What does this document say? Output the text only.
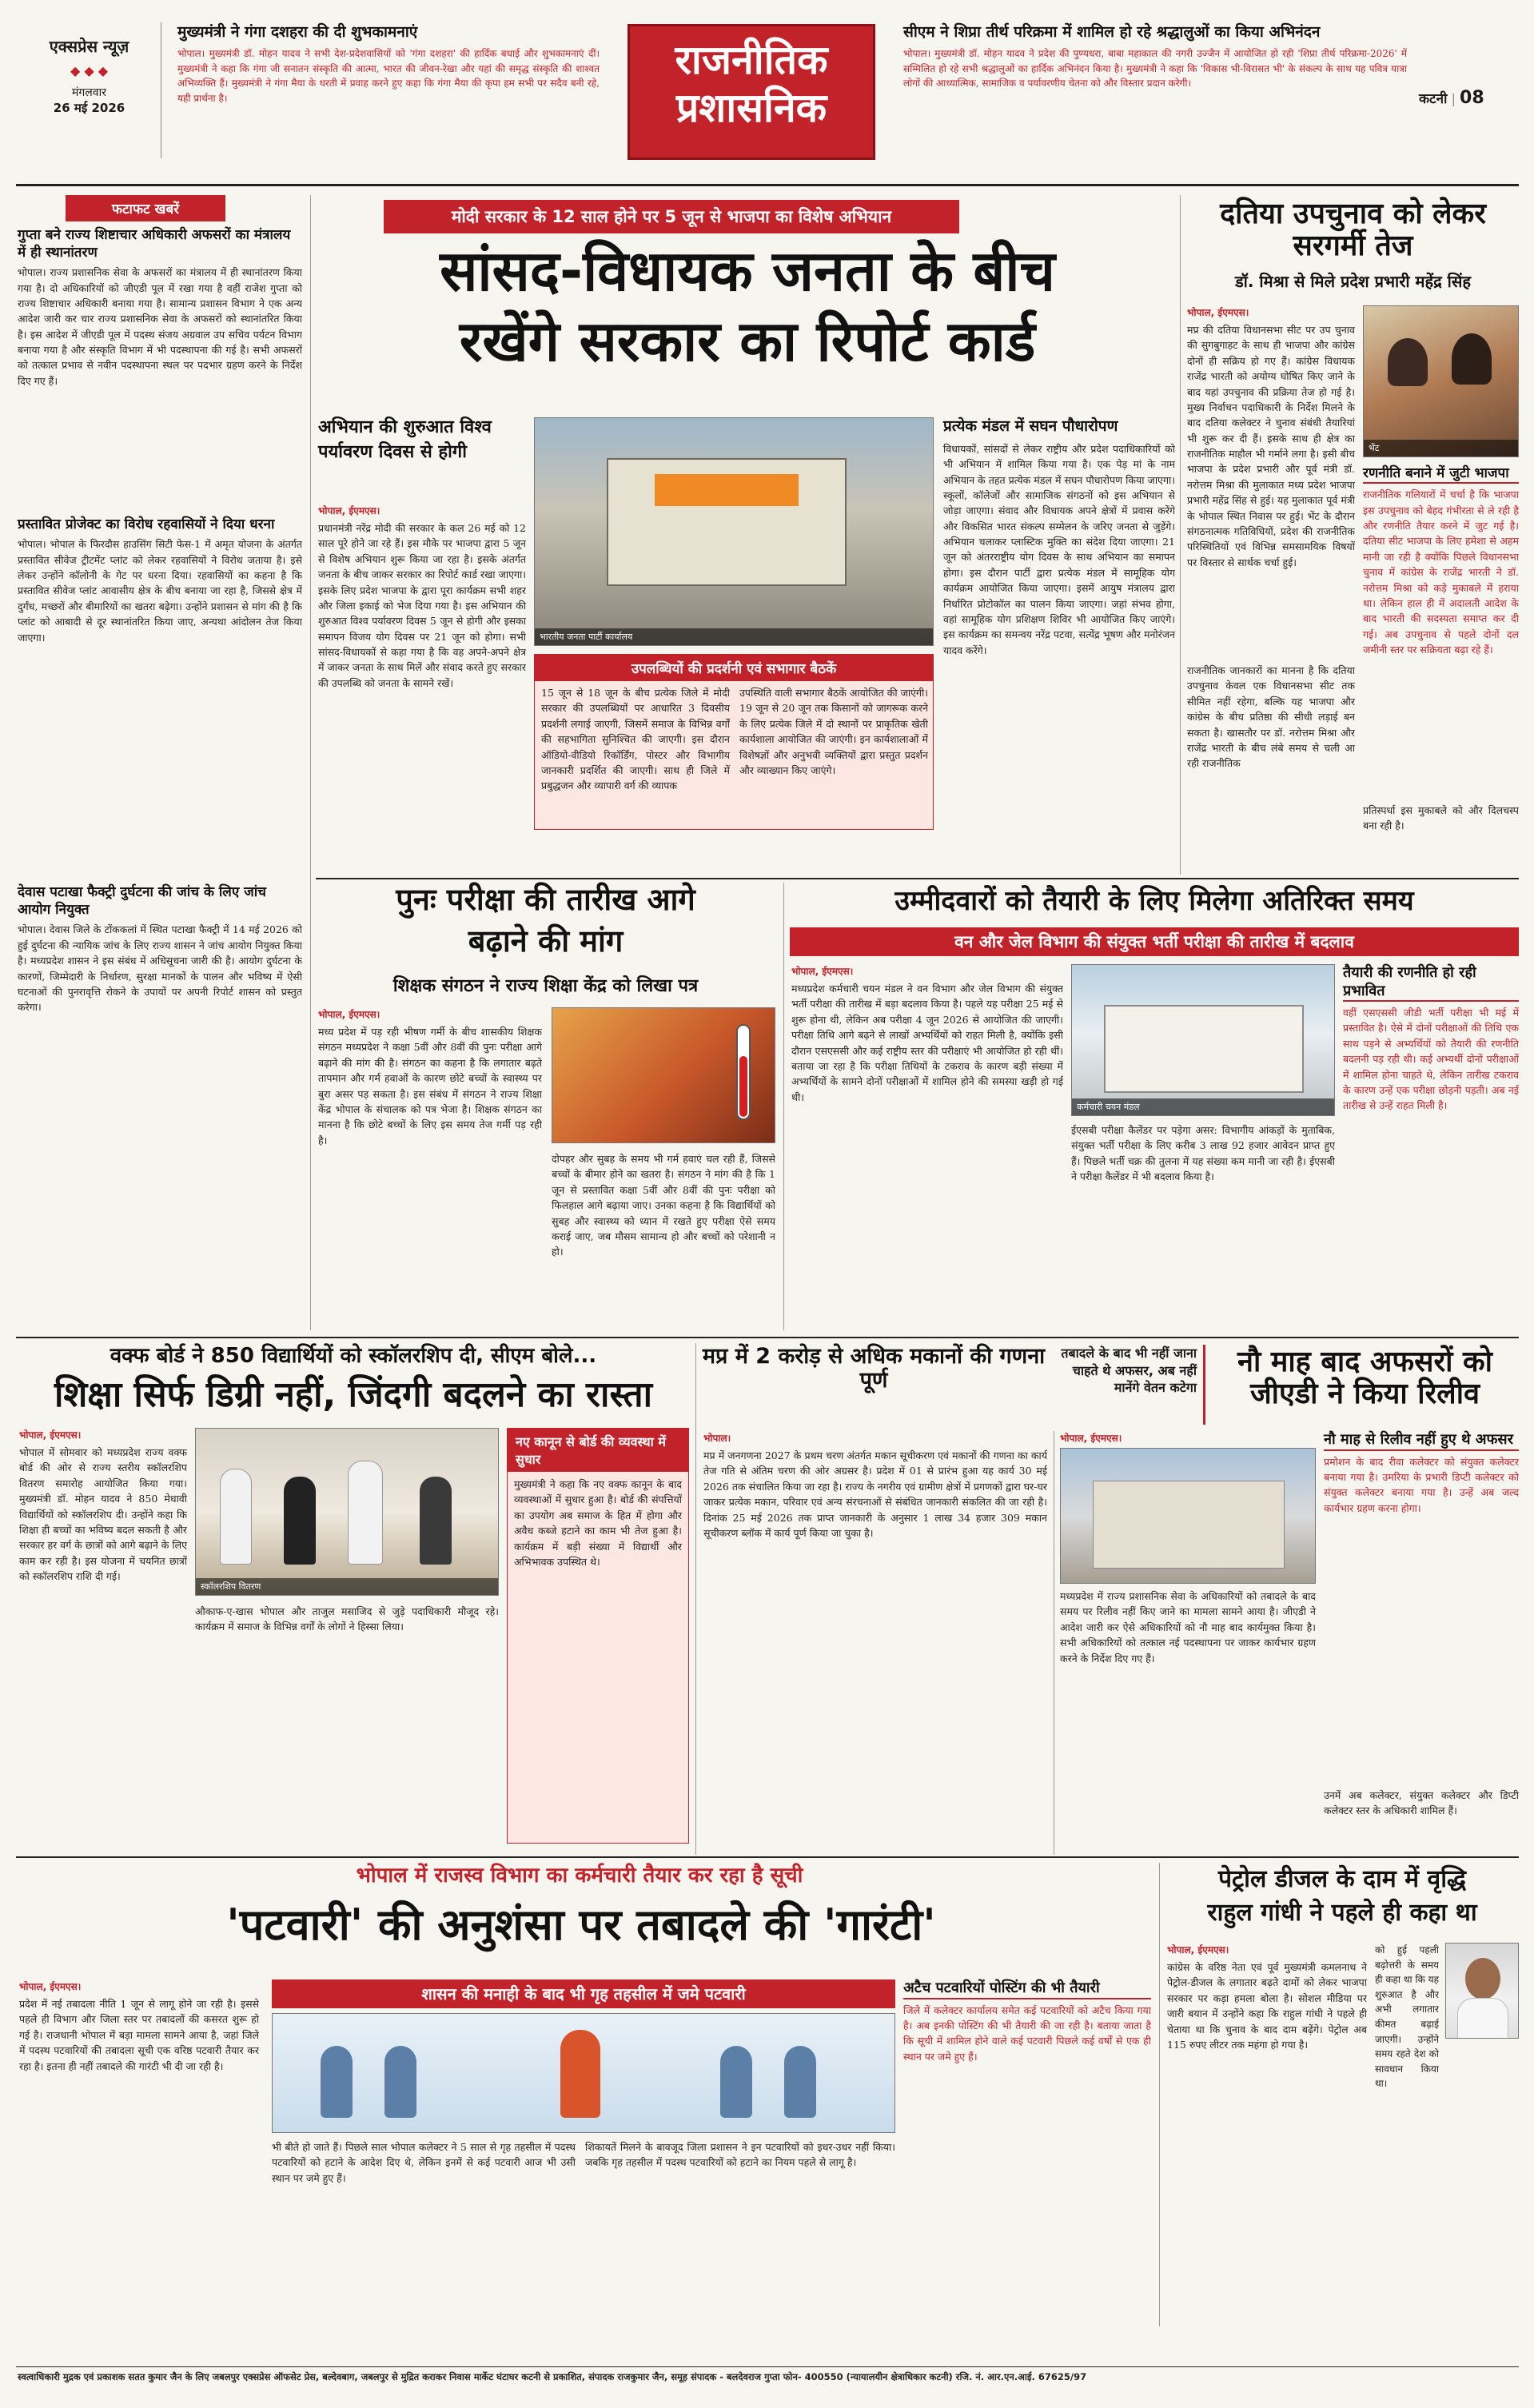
एक्सप्रेस न्यूज़
◆ ◆ ◆
मंगलवार
26 मई 2026
मुख्यमंत्री ने गंगा दशहरा की दी शुभकामनाएं
भोपाल। मुख्यमंत्री डॉ. मोहन यादव ने सभी देश-प्रदेशवासियों को 'गंगा दशहरा' की हार्दिक बधाई और शुभकामनाएं दीं। मुख्यमंत्री ने कहा कि गंगा जी सनातन संस्कृति की आत्मा, भारत की जीवन-रेखा और यहां की समृद्ध संस्कृति की शाश्वत अभिव्यक्ति हैं। मुख्यमंत्री ने गंगा मैया के धरती में प्रवाह करने हुए कहा कि गंगा मैया की कृपा हम सभी पर सदैव बनी रहे, यही प्रार्थना है।
राजनीतिक
प्रशासनिक
सीएम ने शिप्रा तीर्थ परिक्रमा में शामिल हो रहे श्रद्धालुओं का किया अभिनंदन
भोपाल। मुख्यमंत्री डॉ. मोहन यादव ने प्रदेश की पुण्यधरा, बाबा महाकाल की नगरी उज्जैन में आयोजित हो रही 'शिप्रा तीर्थ परिक्रमा-2026' में सम्मिलित हो रहे सभी श्रद्धालुओं का हार्दिक अभिनंदन किया है। मुख्यमंत्री ने कहा कि 'विकास भी-विरासत भी' के संकल्प के साथ यह पवित्र यात्रा लोगों की आध्यात्मिक, सामाजिक व पर्यावरणीय चेतना को और विस्तार प्रदान करेगी।
कटनी | 08
फटाफट खबरें
गुप्ता बने राज्य शिष्टाचार अधिकारी अफसरों का मंत्रालय में ही स्थानांतरण
भोपाल। राज्य प्रशासनिक सेवा के अफसरों का मंत्रालय में ही स्थानांतरण किया गया है। दो अधिकारियों को जीएडी पूल में रखा गया है वहीं राजेश गुप्ता को राज्य शिष्टाचार अधिकारी बनाया गया है। सामान्य प्रशासन विभाग ने एक अन्य आदेश जारी कर चार राज्य प्रशासनिक सेवा के अफसरों को स्थानांतरित किया है। इस आदेश में जीएडी पूल में पदस्थ संजय अग्रवाल उप सचिव पर्यटन विभाग बनाया गया है और संस्कृति विभाग में भी पदस्थापना की गई है। सभी अफसरों को तत्काल प्रभाव से नवीन पदस्थापना स्थल पर पदभार ग्रहण करने के निर्देश दिए गए हैं।
प्रस्तावित प्रोजेक्ट का विरोध रहवासियों ने दिया धरना
भोपाल। भोपाल के फिरदौस हाउसिंग सिटी फेस-1 में अमृत योजना के अंतर्गत प्रस्तावित सीवेज ट्रीटमेंट प्लांट को लेकर रहवासियों ने विरोध जताया है। इसे लेकर उन्होंने कॉलोनी के गेट पर धरना दिया। रहवासियों का कहना है कि प्रस्तावित सीवेज प्लांट आवासीय क्षेत्र के बीच बनाया जा रहा है, जिससे क्षेत्र में दुर्गंध, मच्छरों और बीमारियों का खतरा बढ़ेगा। उन्होंने प्रशासन से मांग की है कि प्लांट को आबादी से दूर स्थानांतरित किया जाए, अन्यथा आंदोलन तेज किया जाएगा।
देवास पटाखा फैक्ट्री दुर्घटना की जांच के लिए जांच आयोग नियुक्त
भोपाल। देवास जिले के टोंककलां में स्थित पटाखा फैक्ट्री में 14 मई 2026 को हुई दुर्घटना की न्यायिक जांच के लिए राज्य शासन ने जांच आयोग नियुक्त किया है। मध्यप्रदेश शासन ने इस संबंध में अधिसूचना जारी की है। आयोग दुर्घटना के कारणों, जिम्मेदारी के निर्धारण, सुरक्षा मानकों के पालन और भविष्य में ऐसी घटनाओं की पुनरावृत्ति रोकने के उपायों पर अपनी रिपोर्ट शासन को प्रस्तुत करेगा।
मोदी सरकार के 12 साल होने पर 5 जून से भाजपा का विशेष अभियान
सांसद-विधायक जनता के बीच
रखेंगे सरकार का रिपोर्ट कार्ड
अभियान की शुरुआत विश्व पर्यावरण दिवस से होगी
भोपाल, ईएमएस।
प्रधानमंत्री नरेंद्र मोदी की सरकार के कल 26 मई को 12 साल पूरे होने जा रहे हैं। इस मौके पर भाजपा द्वारा 5 जून से विशेष अभियान शुरू किया जा रहा है। इसके अंतर्गत जनता के बीच जाकर सरकार का रिपोर्ट कार्ड रखा जाएगा। इसके लिए प्रदेश भाजपा के द्वारा पूरा कार्यक्रम सभी शहर और जिला इकाई को भेज दिया गया है। इस अभियान की शुरुआत विश्व पर्यावरण दिवस 5 जून से होगी और इसका समापन विजय योग दिवस पर 21 जून को होगा। सभी सांसद-विधायकों से कहा गया है कि वह अपने-अपने क्षेत्र में जाकर जनता के साथ मिलें और संवाद करते हुए सरकार की उपलब्धि को जनता के सामने रखें।
भारतीय जनता पार्टी कार्यालय
उपलब्धियों की प्रदर्शनी एवं सभागार बैठकें
15 जून से 18 जून के बीच प्रत्येक जिले में मोदी सरकार की उपलब्धियों पर आधारित 3 दिवसीय प्रदर्शनी लगाई जाएगी, जिसमें समाज के विभिन्न वर्गों की सहभागिता सुनिश्चित की जाएगी। इस दौरान ऑडियो-वीडियो रिकॉर्डिंग, पोस्टर और विभागीय जानकारी प्रदर्शित की जाएगी। साथ ही जिले में प्रबुद्धजन और व्यापारी वर्ग की व्यापक
उपस्थिति वाली सभागार बैठकें आयोजित की जाएंगी। 19 जून से 20 जून तक किसानों को जागरूक करने के लिए प्रत्येक जिले में दो स्थानों पर प्राकृतिक खेती कार्यशाला आयोजित की जाएंगी। इन कार्यशालाओं में विशेषज्ञों और अनुभवी व्यक्तियों द्वारा प्रस्तुत प्रदर्शन और व्याख्यान किए जाएंगे।
प्रत्येक मंडल में सघन पौधारोपण
विधायकों, सांसदों से लेकर राष्ट्रीय और प्रदेश पदाधिकारियों को भी अभियान में शामिल किया गया है। एक पेड़ मां के नाम अभियान के तहत प्रत्येक मंडल में सघन पौधारोपण किया जाएगा। स्कूलों, कॉलेजों और सामाजिक संगठनों को इस अभियान से जोड़ा जाएगा। संवाद और विधायक अपने क्षेत्रों में प्रवास करेंगे और विकसित भारत संकल्प सम्मेलन के जरिए जनता से जुड़ेंगे। अभियान चलाकर प्लास्टिक मुक्ति का संदेश दिया जाएगा। 21 जून को अंतरराष्ट्रीय योग दिवस के साथ अभियान का समापन होगा। इस दौरान पार्टी द्वारा प्रत्येक मंडल में सामूहिक योग कार्यक्रम आयोजित किया जाएगा। इसमें आयुष मंत्रालय द्वारा निर्धारित प्रोटोकॉल का पालन किया जाएगा। जहां संभव होगा, वहां सामूहिक योग प्रशिक्षण शिविर भी आयोजित किए जाएंगे। इस कार्यक्रम का समन्वय नरेंद्र पटवा, सत्येंद्र भूषण और मनोरंजन यादव करेंगे।
दतिया उपचुनाव को लेकर सरगर्मी तेज
डॉ. मिश्रा से मिले प्रदेश प्रभारी महेंद्र सिंह
भोपाल, ईएमएस।
मप्र की दतिया विधानसभा सीट पर उप चुनाव की सुगबुगाहट के साथ ही भाजपा और कांग्रेस दोनों ही सक्रिय हो गए हैं। कांग्रेस विधायक राजेंद्र भारती को अयोग्य घोषित किए जाने के बाद यहां उपचुनाव की प्रक्रिया तेज हो गई है। मुख्य निर्वाचन पदाधिकारी के निर्देश मिलने के बाद दतिया कलेक्टर ने चुनाव संबंधी तैयारियां भी शुरू कर दी हैं। इसके साथ ही क्षेत्र का राजनीतिक माहौल भी गर्माने लगा है। इसी बीच भाजपा के प्रदेश प्रभारी और पूर्व मंत्री डॉ. नरोत्तम मिश्रा की मुलाकात मध्य प्रदेश भाजपा प्रभारी महेंद्र सिंह से हुई। यह मुलाकात पूर्व मंत्री के भोपाल स्थित निवास पर हुई। भेंट के दौरान संगठनात्मक गतिविधियों, प्रदेश की राजनीतिक परिस्थितियों एवं विभिन्न समसामयिक विषयों पर विस्तार से सार्थक चर्चा हुई।
राजनीतिक जानकारों का मानना है कि दतिया उपचुनाव केवल एक विधानसभा सीट तक सीमित नहीं रहेगा, बल्कि यह भाजपा और कांग्रेस के बीच प्रतिष्ठा की सीधी लड़ाई बन सकता है। खासतौर पर डॉ. नरोत्तम मिश्रा और राजेंद्र भारती के बीच लंबे समय से चली आ रही राजनीतिक
भेंट
रणनीति बनाने में जुटी भाजपा
राजनीतिक गलियारों में चर्चा है कि भाजपा इस उपचुनाव को बेहद गंभीरता से ले रही है और रणनीति तैयार करने में जुट गई है। दतिया सीट भाजपा के लिए हमेशा से अहम मानी जा रही है क्योंकि पिछले विधानसभा चुनाव में कांग्रेस के राजेंद्र भारती ने डॉ. नरोत्तम मिश्रा को कड़े मुकाबले में हराया था। लेकिन हाल ही में अदालती आदेश के बाद भारती की सदस्यता समाप्त कर दी गई। अब उपचुनाव से पहले दोनों दल जमीनी स्तर पर सक्रियता बढ़ा रहे हैं।
प्रतिस्पर्धा इस मुकाबले को और दिलचस्प बना रही है।
पुनः परीक्षा की तारीख आगे
बढ़ाने की मांग
शिक्षक संगठन ने राज्य शिक्षा केंद्र को लिखा पत्र
भोपाल, ईएमएस।
मध्य प्रदेश में पड़ रही भीषण गर्मी के बीच शासकीय शिक्षक संगठन मध्यप्रदेश ने कक्षा 5वीं और 8वीं की पुनः परीक्षा आगे बढ़ाने की मांग की है। संगठन का कहना है कि लगातार बढ़ते तापमान और गर्म हवाओं के कारण छोटे बच्चों के स्वास्थ्य पर बुरा असर पड़ सकता है। इस संबंध में संगठन ने राज्य शिक्षा केंद्र भोपाल के संचालक को पत्र भेजा है। शिक्षक संगठन का मानना है कि छोटे बच्चों के लिए इस समय तेज गर्मी पड़ रही है।
दोपहर और सुबह के समय भी गर्म हवाएं चल रही हैं, जिससे बच्चों के बीमार होने का खतरा है। संगठन ने मांग की है कि 1 जून से प्रस्तावित कक्षा 5वीं और 8वीं की पुनः परीक्षा को फिलहाल आगे बढ़ाया जाए। उनका कहना है कि विद्यार्थियों को सुबह और स्वास्थ्य को ध्यान में रखते हुए परीक्षा ऐसे समय कराई जाए, जब मौसम सामान्य हो और बच्चों को परेशानी न हो।
उम्मीदवारों को तैयारी के लिए मिलेगा अतिरिक्त समय
वन और जेल विभाग की संयुक्त भर्ती परीक्षा की तारीख में बदलाव
भोपाल, ईएमएस।
मध्यप्रदेश कर्मचारी चयन मंडल ने वन विभाग और जेल विभाग की संयुक्त भर्ती परीक्षा की तारीख में बड़ा बदलाव किया है। पहले यह परीक्षा 25 मई से शुरू होना थी, लेकिन अब परीक्षा 4 जून 2026 से आयोजित की जाएगी। परीक्षा तिथि आगे बढ़ने से लाखों अभ्यर्थियों को राहत मिली है, क्योंकि इसी दौरान एसएससी और कई राष्ट्रीय स्तर की परीक्षाएं भी आयोजित हो रही थीं। बताया जा रहा है कि परीक्षा तिथियों के टकराव के कारण बड़ी संख्या में अभ्यर्थियों के सामने दोनों परीक्षाओं में शामिल होने की समस्या खड़ी हो गई थी।
कर्मचारी चयन मंडल
ईएसबी परीक्षा कैलेंडर पर पड़ेगा असर: विभागीय आंकड़ों के मुताबिक, संयुक्त भर्ती परीक्षा के लिए करीब 3 लाख 92 हजार आवेदन प्राप्त हुए हैं। पिछले भर्ती चक्र की तुलना में यह संख्या कम मानी जा रही है। ईएसबी ने परीक्षा कैलेंडर में भी बदलाव किया है।
तैयारी की रणनीति हो रही प्रभावित
वहीं एसएससी जीडी भर्ती परीक्षा भी मई में प्रस्तावित है। ऐसे में दोनों परीक्षाओं की तिथि एक साथ पड़ने से अभ्यर्थियों को तैयारी की रणनीति बदलनी पड़ रही थी। कई अभ्यर्थी दोनों परीक्षाओं में शामिल होना चाहते थे, लेकिन तारीख टकराव के कारण उन्हें एक परीक्षा छोड़नी पड़ती। अब नई तारीख से उन्हें राहत मिली है।
वक्फ बोर्ड ने 850 विद्यार्थियों को स्कॉलरशिप दी, सीएम बोले...
शिक्षा सिर्फ डिग्री नहीं, जिंदगी बदलने का रास्ता
भोपाल, ईएमएस।
भोपाल में सोमवार को मध्यप्रदेश राज्य वक्फ बोर्ड की ओर से राज्य स्तरीय स्कॉलरशिप वितरण समारोह आयोजित किया गया। मुख्यमंत्री डॉ. मोहन यादव ने 850 मेधावी विद्यार्थियों को स्कॉलरशिप दी। उन्होंने कहा कि शिक्षा ही बच्चों का भविष्य बदल सकती है और सरकार हर वर्ग के छात्रों को आगे बढ़ाने के लिए काम कर रही है। इस योजना में चयनित छात्रों को स्कॉलरशिप राशि दी गई।
स्कॉलरशिप वितरण
औकाफ-ए-खास भोपाल और ताजुल मसाजिद से जुड़े पदाधिकारी मौजूद रहे। कार्यक्रम में समाज के विभिन्न वर्गों के लोगों ने हिस्सा लिया।
नए कानून से बोर्ड की व्यवस्था में सुधार
मुख्यमंत्री ने कहा कि नए वक्फ कानून के बाद व्यवस्थाओं में सुधार हुआ है। बोर्ड की संपत्तियों का उपयोग अब समाज के हित में होगा और अवैध कब्जे हटाने का काम भी तेज हुआ है। कार्यक्रम में बड़ी संख्या में विद्यार्थी और अभिभावक उपस्थित थे।
मप्र में 2 करोड़ से अधिक मकानों की गणना पूर्ण
भोपाल।
मप्र में जनगणना 2027 के प्रथम चरण अंतर्गत मकान सूचीकरण एवं मकानों की गणना का कार्य तेज गति से अंतिम चरण की ओर अग्रसर है। प्रदेश में 01 से प्रारंभ हुआ यह कार्य 30 मई 2026 तक संचालित किया जा रहा है। राज्य के नगरीय एवं ग्रामीण क्षेत्रों में प्रगणकों द्वारा घर-घर जाकर प्रत्येक मकान, परिवार एवं अन्य संरचनाओं से संबंधित जानकारी संकलित की जा रही है। दिनांक 25 मई 2026 तक प्राप्त जानकारी के अनुसार 1 लाख 34 हजार 309 मकान सूचीकरण ब्लॉक में कार्य पूर्ण किया जा चुका है।
तबादले के बाद भी नहीं जाना चाहते थे अफसर, अब नहीं मानेंगे वेतन कटेगा
नौ माह बाद अफसरों को जीएडी ने किया रिलीव
भोपाल, ईएमएस।
मध्यप्रदेश में राज्य प्रशासनिक सेवा के अधिकारियों को तबादले के बाद समय पर रिलीव नहीं किए जाने का मामला सामने आया है। जीएडी ने आदेश जारी कर ऐसे अधिकारियों को नौ माह बाद कार्यमुक्त किया है। सभी अधिकारियों को तत्काल नई पदस्थापना पर जाकर कार्यभार ग्रहण करने के निर्देश दिए गए हैं।
नौ माह से रिलीव नहीं हुए थे अफसर
प्रमोशन के बाद रीवा कलेक्टर को संयुक्त कलेक्टर बनाया गया है। उमरिया के प्रभारी डिप्टी कलेक्टर को संयुक्त कलेक्टर बनाया गया है। उन्हें अब जल्द कार्यभार ग्रहण करना होगा।
उनमें अब कलेक्टर, संयुक्त कलेक्टर और डिप्टी कलेक्टर स्तर के अधिकारी शामिल हैं।
भोपाल में राजस्व विभाग का कर्मचारी तैयार कर रहा है सूची
'पटवारी' की अनुशंसा पर तबादले की 'गारंटी'
भोपाल, ईएमएस।
प्रदेश में नई तबादला नीति 1 जून से लागू होने जा रही है। इससे पहले ही विभाग और जिला स्तर पर तबादलों की कसरत शुरू हो गई है। राजधानी भोपाल में बड़ा मामला सामने आया है, जहां जिले में पदस्थ पटवारियों की तबादला सूची एक वरिष्ठ पटवारी तैयार कर रहा है। इतना ही नहीं तबादले की गारंटी भी दी जा रही है।
शासन की मनाही के बाद भी गृह तहसील में जमे पटवारी
भी बीते हो जाते हैं। पिछले साल भोपाल कलेक्टर ने 5 साल से गृह तहसील में पदस्थ पटवारियों को हटाने के आदेश दिए थे, लेकिन इनमें से कई पटवारी आज भी उसी स्थान पर जमे हुए हैं।
शिकायतें मिलने के बावजूद जिला प्रशासन ने इन पटवारियों को इधर-उधर नहीं किया। जबकि गृह तहसील में पदस्थ पटवारियों को हटाने का नियम पहले से लागू है।
अटैच पटवारियों पोस्टिंग की भी तैयारी
जिले में कलेक्टर कार्यालय समेत कई पटवारियों को अटैच किया गया है। अब इनकी पोस्टिंग की भी तैयारी की जा रही है। बताया जाता है कि सूची में शामिल होने वाले कई पटवारी पिछले कई वर्षों से एक ही स्थान पर जमे हुए हैं।
पेट्रोल डीजल के दाम में वृद्धि
राहुल गांधी ने पहले ही कहा था
भोपाल, ईएमएस।
कांग्रेस के वरिष्ठ नेता एवं पूर्व मुख्यमंत्री कमलनाथ ने पेट्रोल-डीजल के लगातार बढ़ते दामों को लेकर भाजपा सरकार पर कड़ा हमला बोला है। सोशल मीडिया पर जारी बयान में उन्होंने कहा कि राहुल गांधी ने पहले ही चेताया था कि चुनाव के बाद दाम बढ़ेंगे। पेट्रोल अब 115 रुपए लीटर तक महंगा हो गया है।
को हुई पहली बढ़ोत्तरी के समय ही कहा था कि यह शुरुआत है और अभी लगातार कीमत बढ़ाई जाएगी। उन्होंने समय रहते देश को सावधान किया था।
स्वत्वाधिकारी मुद्रक एवं प्रकाशक सतत कुमार जैन के लिए जबलपुर एक्सप्रेस ऑफसेट प्रेस, बल्देवबाग, जबलपुर से मुद्रित कराकर निवास मार्केट घंटाघर कटनी से प्रकाशित, संपादक राजकुमार जैन, समूह संपादक - बलदेवराज गुप्ता फोन- 400550 (न्यायालयीन क्षेत्राधिकार कटनी) रजि. नं. आर.एन.आई. 67625/97
